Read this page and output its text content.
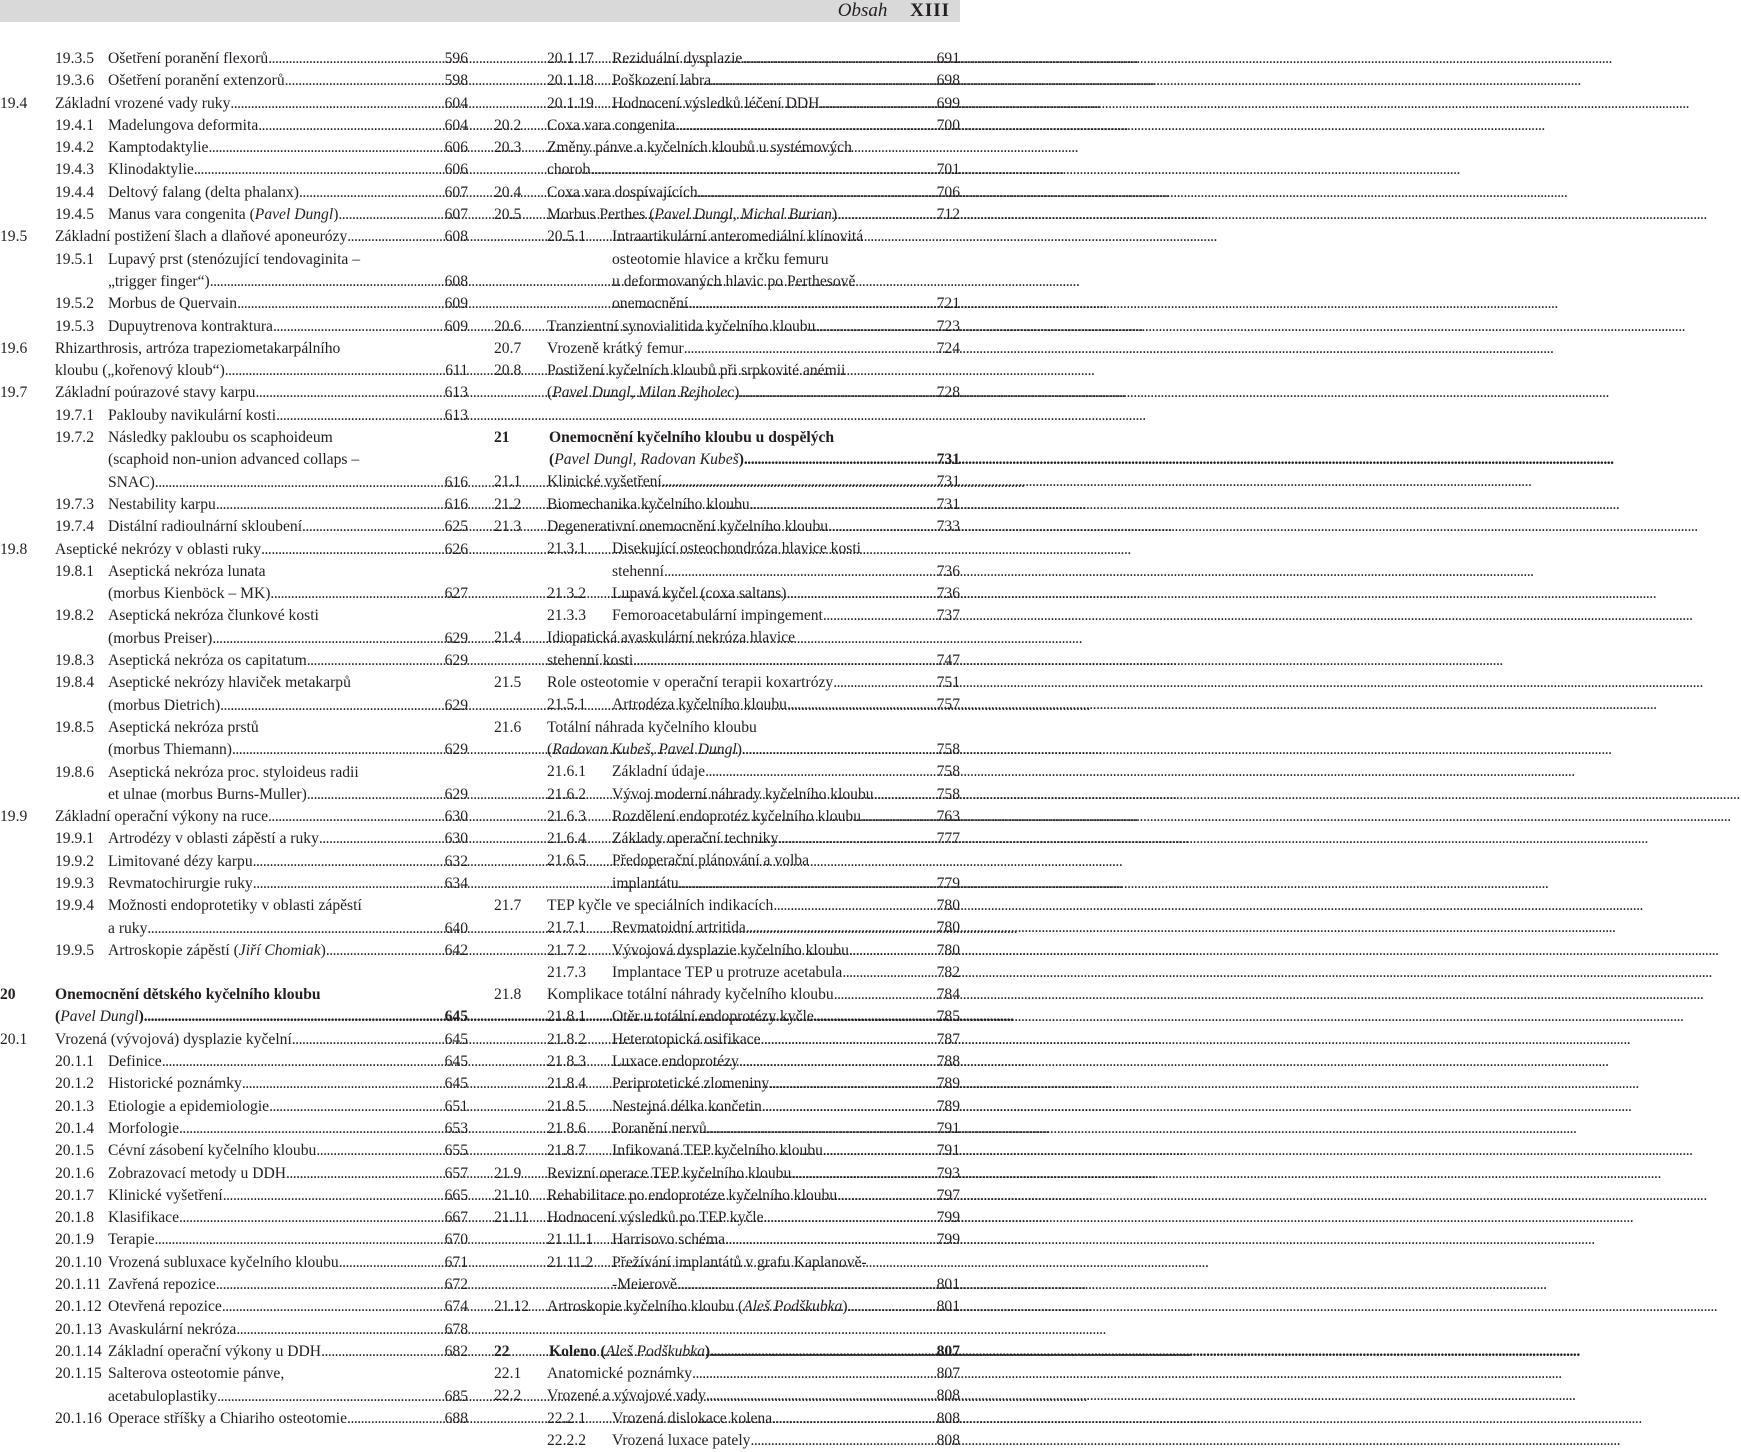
Obsah XIII
19.3.5 Ošetření poranění flexorů . . .	596
19.3.6 Ošetření poranění extenzorů . . .	598
19.4	Základní vrozené vady ruky . . .	604
19.4.1 Madelungova deformita . . .	604
19.4.2 Kamptodaktylie . . .	606
19.4.3 Klinodaktylie . . .	606
19.4.4 Deltový falang (delta phalanx) . . .	607
19.4.5 Manus vara congenita (Pavel Dungl) . . .	607
19.5	Základní postižení šlach a dlaňové aponeurózy . . .	608
19.5.1 Lupavý prst (stenózující tendovaginita –
„trigger finger“) . . .	608
19.5.2 Morbus de Quervain . . .	609
19.5.3 Dupuytrenova kontraktura . . .	609
19.6	Rhizarthrosis, artróza trapeziometakarpálního
kloubu („kořenový kloub“) . . .	611
19.7	Základní poúrazové stavy karpu . . .	613
19.7.1 Paklouby navikulární kosti . . .	613
19.7.2 Následky pakloubu os scaphoideum
(scaphoid non-union advanced collaps –
SNAC) . . .	616
19.7.3 Nestability karpu . . .	616
19.7.4 Distální radioulnární skloubení . . .	625
19.8	Aseptické nekrózy v oblasti ruky . . .	626
19.8.1 Aseptická nekróza lunata
(morbus Kienböck – MK) . . .	627
19.8.2 Aseptická nekróza člunkové kosti
(morbus Preiser) . . .	629
19.8.3 Aseptická nekróza os capitatum . . .	629
19.8.4 Aseptické nekrózy hlaviček metakarpů
(morbus Dietrich) . . .	629
19.8.5 Aseptická nekróza prstů
(morbus Thiemann) . . .	629
19.8.6 Aseptická nekróza proc. styloideus radii
et ulnae (morbus Burns-Muller) . . .	629
19.9	Základní operační výkony na ruce . . .	630
19.9.1 Artrodézy v oblasti zápěstí a ruky . . .	630
19.9.2 Limitované dézy karpu . . .	632
19.9.3 Revmatochirurgie ruky . . .	634
19.9.4 Možnosti endoprotetiky v oblasti zápěstí
a ruky . . .	640
19.9.5 Artroskopie zápěstí (Jiří Chomiak) . . .	642
20	Onemocnění dětského kyčelního kloubu
(Pavel Dungl) . . .	645
20.1	Vrozená (vývojová) dysplazie kyčelní . . .	645
20.1.1 Definice . . .	645
20.1.2 Historické poznámky . . .	645
20.1.3 Etiologie a epidemiologie . . .	651
20.1.4 Morfologie . . .	653
20.1.5 Cévní zásobení kyčelního kloubu . . .	655
20.1.6 Zobrazovací metody u DDH . . .	657
20.1.7 Klinické vyšetření . . .	665
20.1.8 Klasifikace . . .	667
20.1.9 Terapie . . .	670
20.1.10 Vrozená subluxace kyčelního kloubu . . .	671
20.1.11 Zavřená repozice . . .	672
20.1.12 Otevřená repozice . . .	674
20.1.13 Avaskulární nekróza . . .	678
20.1.14 Základní operační výkony u DDH . . .	682
20.1.15 Salterova osteotomie pánve,
acetabuloplastiky . . .	685
20.1.16 Operace stříšky a Chiariho osteotomie . . .	688
20.1.17	Reziduální dysplazie . . .	691
20.1.18	Poškození labra . . .	698
20.1.19	Hodnocení výsledků léčení DDH . . .	699
20.2	Coxa vara congenita . . .	700
20.3	Změny pánve a kyčelních kloubů u systémových
chorob . . .	701
20.4	Coxa vara dospívajících . . .	706
20.5	Morbus Perthes (Pavel Dungl, Michal Burian) . . .	712
20.5.1	Intraartikulární anteromediální klínovitá
osteotomie hlavice a krčku femuru
u deformovaných hlavic po Perthesově
onemocnění . . .	721
20.6	Tranzientní synovialitida kyčelního kloubu . . .	723
20.7	Vrozeně krátký femur . . .	724
20.8	Postižení kyčelních kloubů při srpkovité anémii
(Pavel Dungl, Milan Rejholec) . . .	728
21	Onemocnění kyčelního kloubu u dospělých
(Pavel Dungl, Radovan Kubeš) . . .	731
21.1	Klinické vyšetření . . .	731
21.2	Biomechanika kyčelního kloubu . . .	731
21.3	Degenerativní onemocnění kyčelního kloubu . . .	733
21.3.1	Disekující osteochondróza hlavice kosti
stehenní . . .	736
21.3.2	Lupavá kyčel (coxa saltans) . . .	736
21.3.3	Femoroacetabulární impingement . . .	737
21.4	Idiopatická avaskulární nekróza hlavice
stehenní kosti . . .	747
21.5	Role osteotomie v operační terapii koxartrózy . . .	751
21.5.1	Artrodéza kyčelního kloubu . . .	757
21.6	Totální náhrada kyčelního kloubu
(Radovan Kubeš, Pavel Dungl) . . .	758
21.6.1	Základní údaje . . .	758
21.6.2	Vývoj moderní náhrady kyčelního kloubu . . .	758
21.6.3	Rozdělení endoprotéz kyčelního kloubu . . .	763
21.6.4	Základy operační techniky . . .	777
21.6.5	Předoperační plánování a volba
implantátu . . .	779
21.7	TEP kyčle ve speciálních indikacích . . .	780
21.7.1	Revmatoidní artritida . . .	780
21.7.2	Vývojová dysplazie kyčelního kloubu . . .	780
21.7.3	Implantace TEP u protruze acetabula . . .	782
21.8	Komplikace totální náhrady kyčelního kloubu . . .	784
21.8.1	Otěr u totální endoprotézy kyčle . . .	785
21.8.2	Heterotopická osifikace . . .	787
21.8.3	Luxace endoprotézy . . .	788
21.8.4	Periprotetické zlomeniny . . .	789
21.8.5	Nestejná délka končetin . . .	789
21.8.6	Poranění nervů . . .	791
21.8.7	Infikovaná TEP kyčelního kloubu . . .	791
21.9	Revizní operace TEP kyčelního kloubu . . .	793
21.10	Rehabilitace po endoprotéze kyčelního kloubu . . .	797
21.11	Hodnocení výsledků po TEP kyčle . . .	799
21.11.1	Harrisovo schéma . . .	799
21.11.2	Přežívání implantátů v grafu Kaplanově-
-Meierově . . .	801
21.12	Artroskopie kyčelního kloubu (Aleš Podškubka) . . .	801
22	Koleno (Aleš Podškubka) . . .	807
22.1	Anatomické poznámky . . .	807
22.2	Vrozené a vývojové vady . . .	808
22.2.1	Vrozená dislokace kolena . . .	808
22.2.2	Vrozená luxace pately . . .	808
